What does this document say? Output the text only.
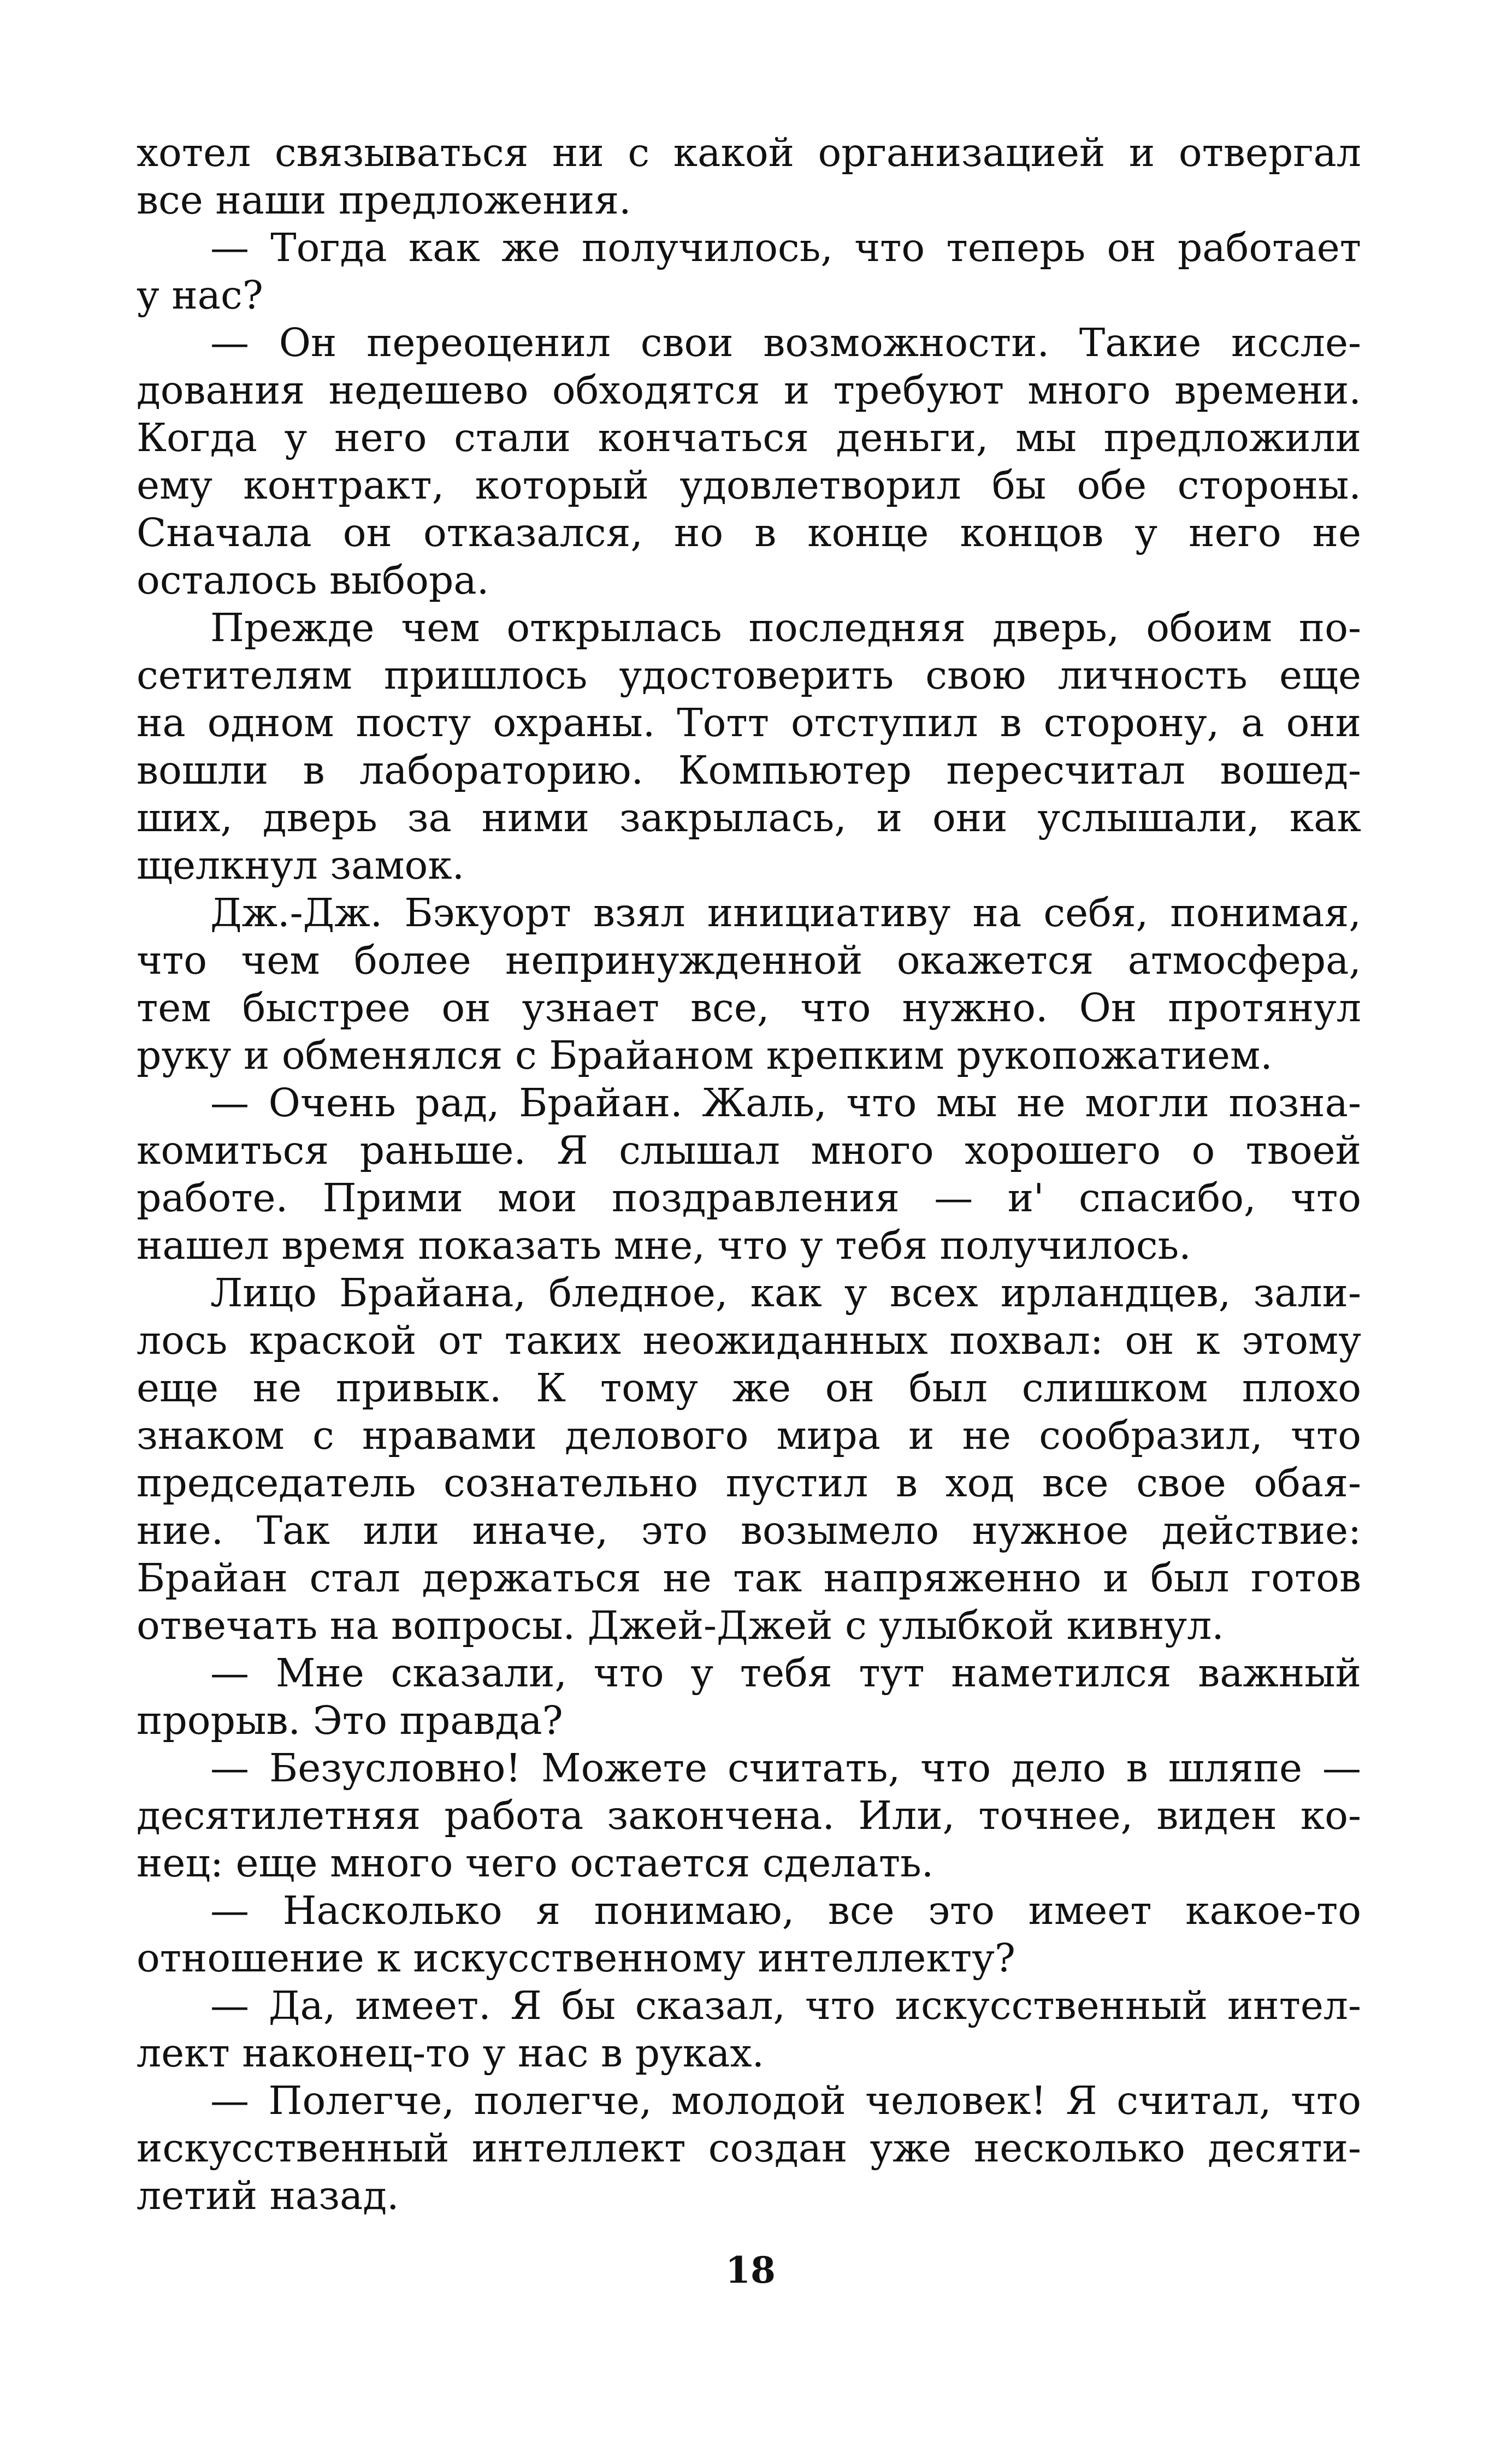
хотел связываться ни с какой организацией и отвергал
все наши предложения.
— Тогда как же получилось, что теперь он работает
у нас?
— Он переоценил свои возможности. Такие иссле-
дования недешево обходятся и требуют много времени.
Когда у него стали кончаться деньги, мы предложили
ему контракт, который удовлетворил бы обе стороны.
Сначала он отказался, но в конце концов у него не
осталось выбора.
Прежде чем открылась последняя дверь, обоим по-
сетителям пришлось удостоверить свою личность еще
на одном посту охраны. Тотт отступил в сторону, а они
вошли в лабораторию. Компьютер пересчитал вошед-
ших, дверь за ними закрылась, и они услышали, как
щелкнул замок.
Дж.-Дж. Бэкуорт взял инициативу на себя, понимая,
что чем более непринужденной окажется атмосфера,
тем быстрее он узнает все, что нужно. Он протянул
руку и обменялся с Брайаном крепким рукопожатием.
— Очень рад, Брайан. Жаль, что мы не могли позна-
комиться раньше. Я слышал много хорошего о твоей
работе. Прими мои поздравления — и' спасибо, что
нашел время показать мне, что у тебя получилось.
Лицо Брайана, бледное, как у всех ирландцев, зали-
лось краской от таких неожиданных похвал: он к этому
еще не привык. К тому же он был слишком плохо
знаком с нравами делового мира и не сообразил, что
председатель сознательно пустил в ход все свое обая-
ние. Так или иначе, это возымело нужное действие:
Брайан стал держаться не так напряженно и был готов
отвечать на вопросы. Джей-Джей с улыбкой кивнул.
— Мне сказали, что у тебя тут наметился важный
прорыв. Это правда?
— Безусловно! Можете считать, что дело в шляпе —
десятилетняя работа закончена. Или, точнее, виден ко-
нец: еще много чего остается сделать.
— Насколько я понимаю, все это имеет какое-то
отношение к искусственному интеллекту?
— Да, имеет. Я бы сказал, что искусственный интел-
лект наконец-то у нас в руках.
— Полегче, полегче, молодой человек! Я считал, что
искусственный интеллект создан уже несколько десяти-
летий назад.
18
